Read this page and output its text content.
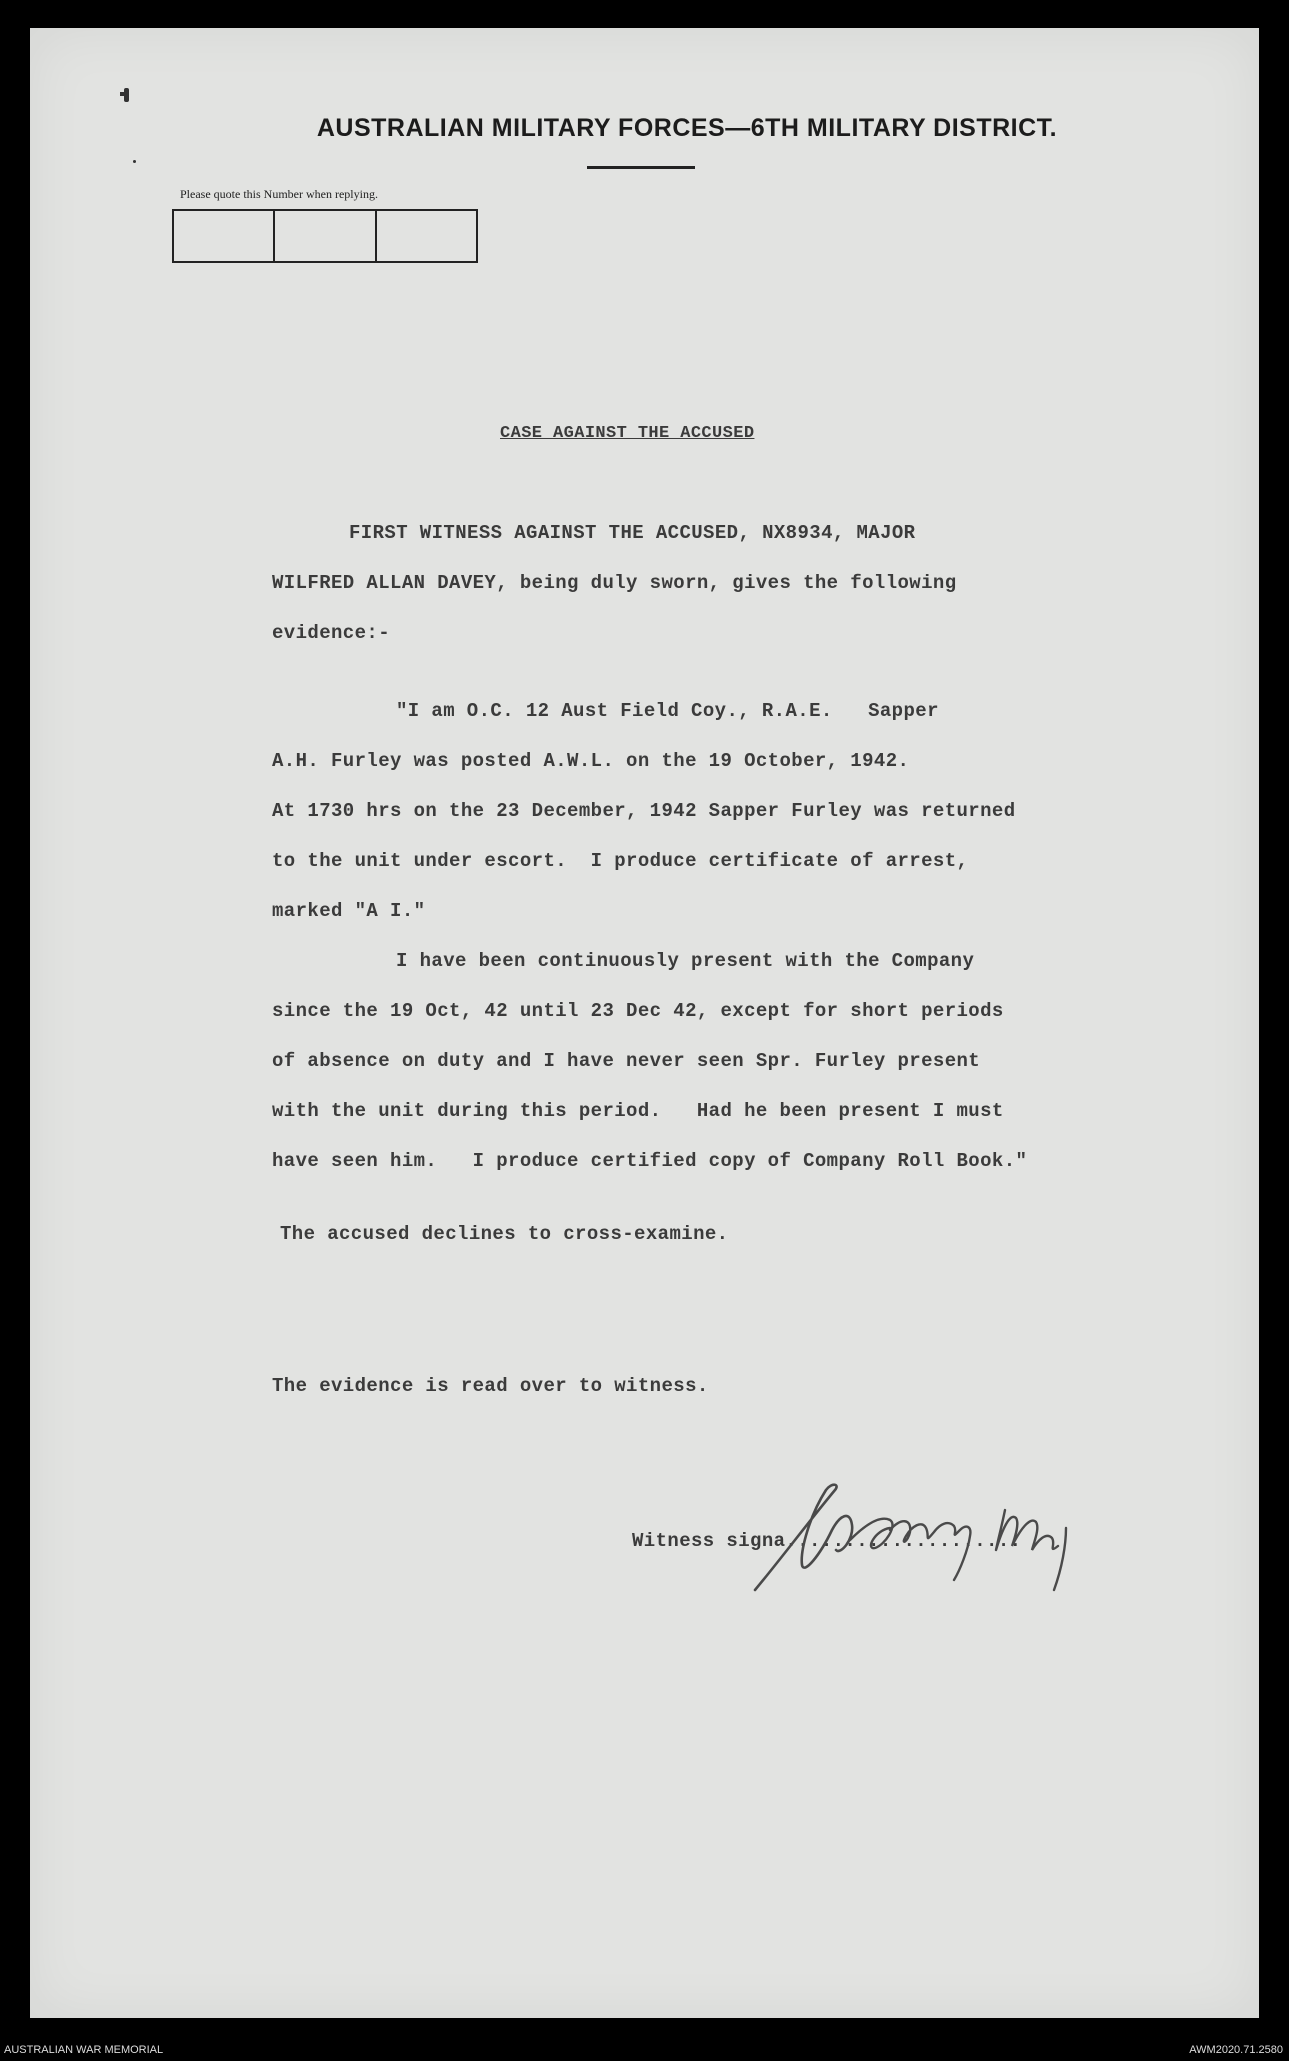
AUSTRALIAN MILITARY FORCES—6TH MILITARY DISTRICT.
Please quote this Number when replying.
CASE AGAINST THE ACCUSED
FIRST WITNESS AGAINST THE ACCUSED, NX8934, MAJOR
WILFRED ALLAN DAVEY, being duly sworn, gives the following
evidence:-
"I am O.C. 12 Aust Field Coy., R.A.E.   Sapper
A.H. Furley was posted A.W.L. on the 19 October, 1942.
At 1730 hrs on the 23 December, 1942 Sapper Furley was returned
to the unit under escort.  I produce certificate of arrest,
marked "A I."
I have been continuously present with the Company
since the 19 Oct, 42 until 23 Dec 42, except for short periods
of absence on duty and I have never seen Spr. Furley present
with the unit during this period.   Had he been present I must
have seen him.   I produce certified copy of Company Roll Book."
The accused declines to cross-examine.
The evidence is read over to witness.
Witness signa....................
W A Davey Maj
AUSTRALIAN WAR MEMORIAL	AWM2020.71.2580
